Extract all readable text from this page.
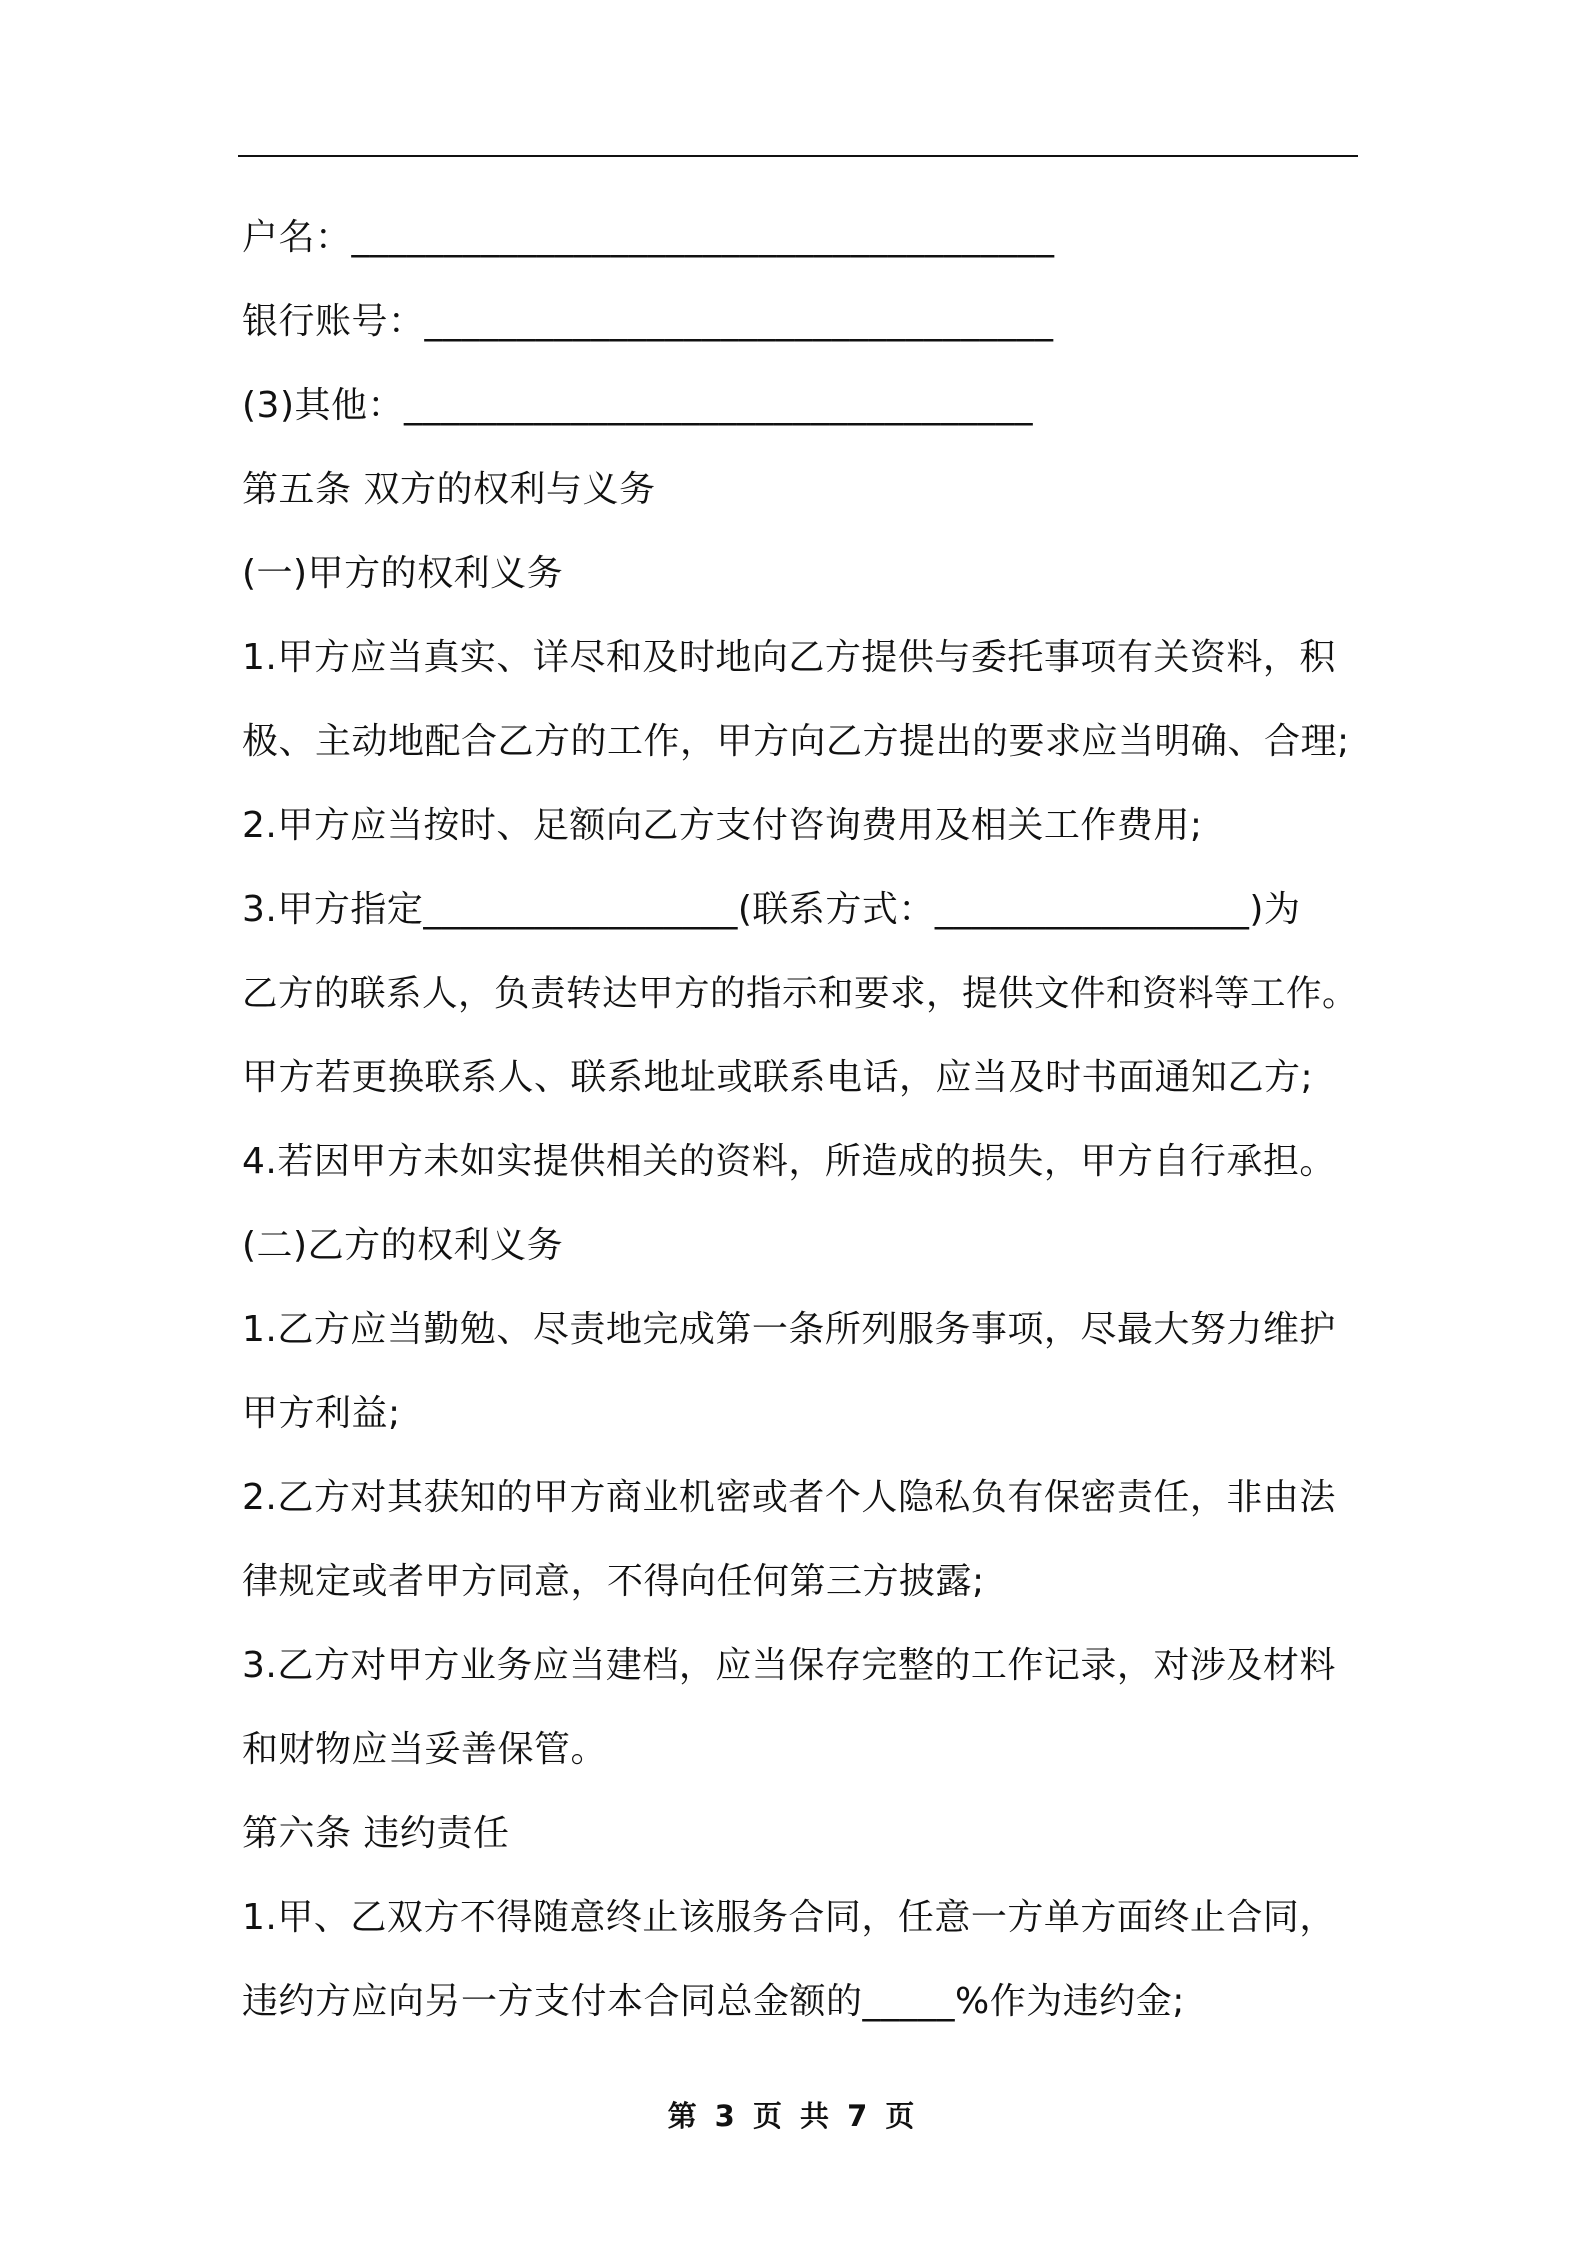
户名：______________________________________
银行账号：__________________________________
(3)其他：__________________________________
第五条 双方的权利与义务
(一)甲方的权利义务
1.甲方应当真实、详尽和及时地向乙方提供与委托事项有关资料，积
极、主动地配合乙方的工作，甲方向乙方提出的要求应当明确、合理;
2.甲方应当按时、足额向乙方支付咨询费用及相关工作费用;
3.甲方指定_________________(联系方式：_________________)为
乙方的联系人，负责转达甲方的指示和要求，提供文件和资料等工作。
甲方若更换联系人、联系地址或联系电话，应当及时书面通知乙方;
4.若因甲方未如实提供相关的资料，所造成的损失，甲方自行承担。
(二)乙方的权利义务
1.乙方应当勤勉、尽责地完成第一条所列服务事项，尽最大努力维护
甲方利益;
2.乙方对其获知的甲方商业机密或者个人隐私负有保密责任，非由法
律规定或者甲方同意，不得向任何第三方披露;
3.乙方对甲方业务应当建档，应当保存完整的工作记录，对涉及材料
和财物应当妥善保管。
第六条 违约责任
1.甲、乙双方不得随意终止该服务合同，任意一方单方面终止合同，
违约方应向另一方支付本合同总金额的_____%作为违约金;
第 3 页 共 7 页
